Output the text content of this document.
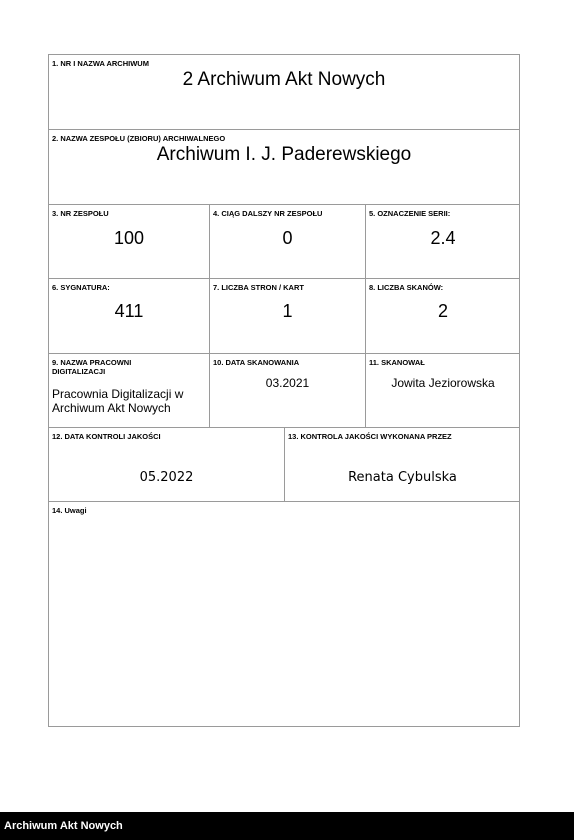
1. NR I NAZWA ARCHIWUM
2 Archiwum Akt Nowych
2. NAZWA ZESPOŁU (ZBIORU) ARCHIWALNEGO
Archiwum I. J. Paderewskiego
3. NR ZESPOŁU
100
4. CIĄG DALSZY NR ZESPOŁU
0
5. OZNACZENIE SERII:
2.4
6. SYGNATURA:
411
7. LICZBA STRON / KART
1
8. LICZBA SKANÓW:
2
9. NAZWA PRACOWNI DIGITALIZACJI
Pracownia Digitalizacji w
Archiwum Akt Nowych
10. DATA SKANOWANIA
03.2021
11. SKANOWAŁ
Jowita Jeziorowska
12. DATA KONTROLI JAKOŚCI
05.2022
13. KONTROLA JAKOŚCI WYKONANA PRZEZ
Renata Cybulska
14. Uwagi
Archiwum Akt Nowych
